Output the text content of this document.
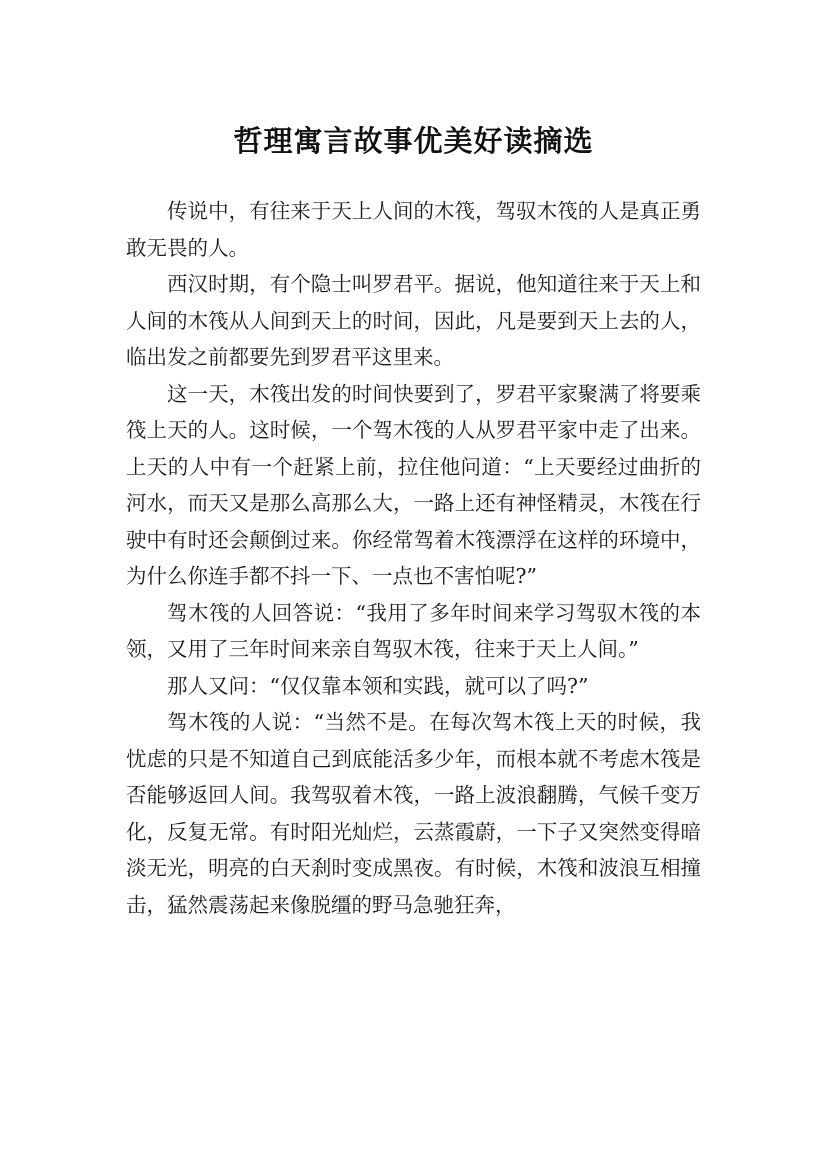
哲理寓言故事优美好读摘选

传说中，有往来于天上人间的木筏，驾驭木筏的人是真正勇敢无畏的人。

西汉时期，有个隐士叫罗君平。据说，他知道往来于天上和人间的木筏从人间到天上的时间，因此，凡是要到天上去的人，临出发之前都要先到罗君平这里来。

这一天，木筏出发的时间快要到了，罗君平家聚满了将要乘筏上天的人。这时候，一个驾木筏的人从罗君平家中走了出来。上天的人中有一个赶紧上前，拉住他问道：“上天要经过曲折的河水，而天又是那么高那么大，一路上还有神怪精灵，木筏在行驶中有时还会颠倒过来。你经常驾着木筏漂浮在这样的环境中，为什么你连手都不抖一下、一点也不害怕呢?”

驾木筏的人回答说：“我用了多年时间来学习驾驭木筏的本领，又用了三年时间来亲自驾驭木筏，往来于天上人间。”

那人又问：“仅仅靠本领和实践，就可以了吗?”

驾木筏的人说：“当然不是。在每次驾木筏上天的时候，我忧虑的只是不知道自己到底能活多少年，而根本就不考虑木筏是否能够返回人间。我驾驭着木筏，一路上波浪翻腾，气候千变万化，反复无常。有时阳光灿烂，云蒸霞蔚，一下子又突然变得暗淡无光，明亮的白天刹时变成黑夜。有时候，木筏和波浪互相撞击，猛然震荡起来像脱缰的野马急驰狂奔，
